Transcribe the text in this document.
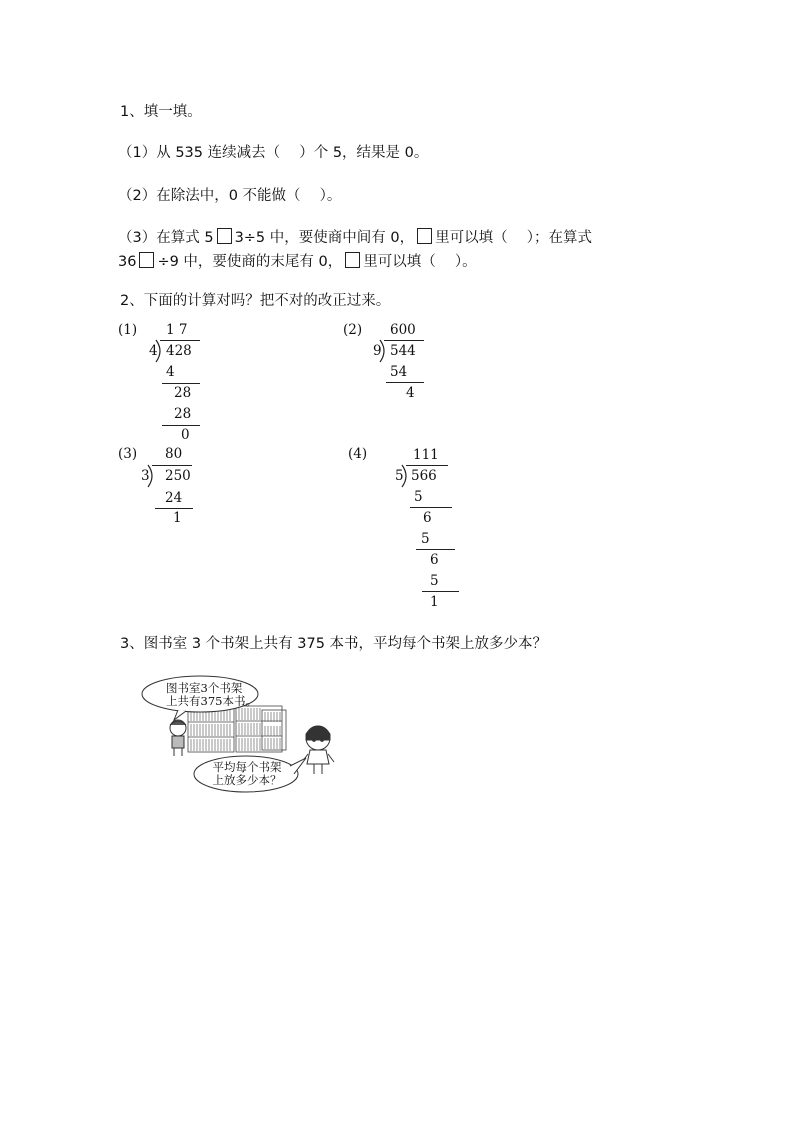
1、填一填。
（1）从 535 连续减去（　 ）个 5，结果是 0。
（2）在除法中，0 不能做（　 ）。
（3）在算式 5 3÷5 中，要使商中间有 0， 里可以填（　 ）；在算式
36 ÷9 中，要使商的末尾有 0， 里可以填（　 ）。
2、下面的计算对吗？把不对的改正过来。
(1) 1 7
4 428
4
28
28
0
(2) 600
9 544
54
4
(3) 80
3 250
24
1
(4)	111
5 566
5
6
5
6
5
1
3、图书室 3 个书架上共有 375 本书，平均每个书架上放多少本？
图书室3个书架
上共有375本书。
平均每个书架
上放多少本？
